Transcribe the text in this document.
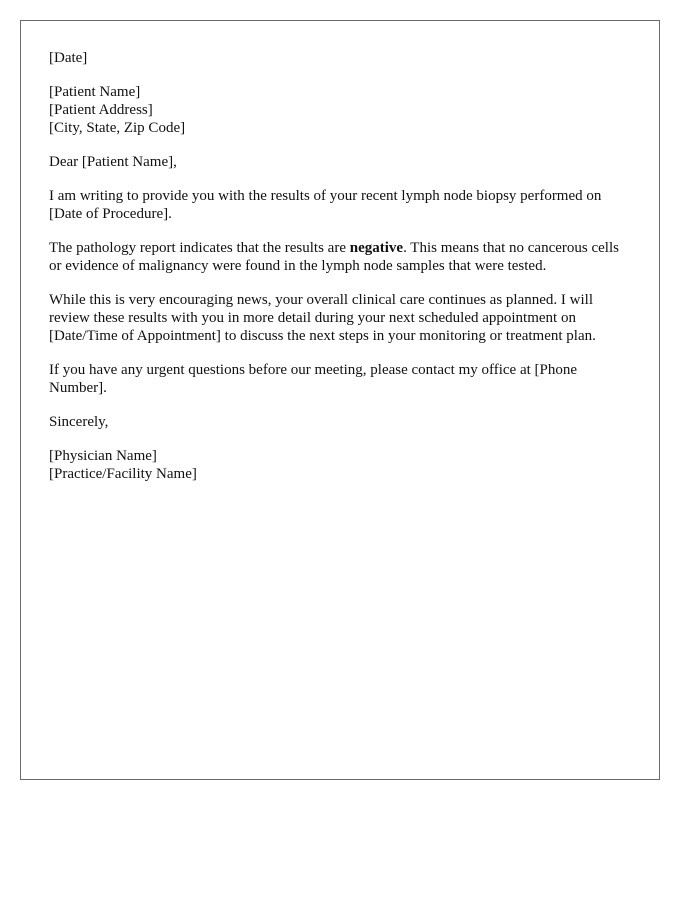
[Date]

[Patient Name]
[Patient Address]
[City, State, Zip Code]

Dear [Patient Name],

I am writing to provide you with the results of your recent lymph node biopsy performed on [Date of Procedure].

The pathology report indicates that the results are negative. This means that no cancerous cells or evidence of malignancy were found in the lymph node samples that were tested.

While this is very encouraging news, your overall clinical care continues as planned. I will review these results with you in more detail during your next scheduled appointment on [Date/Time of Appointment] to discuss the next steps in your monitoring or treatment plan.

If you have any urgent questions before our meeting, please contact my office at [Phone Number].

Sincerely,

[Physician Name]
[Practice/Facility Name]
